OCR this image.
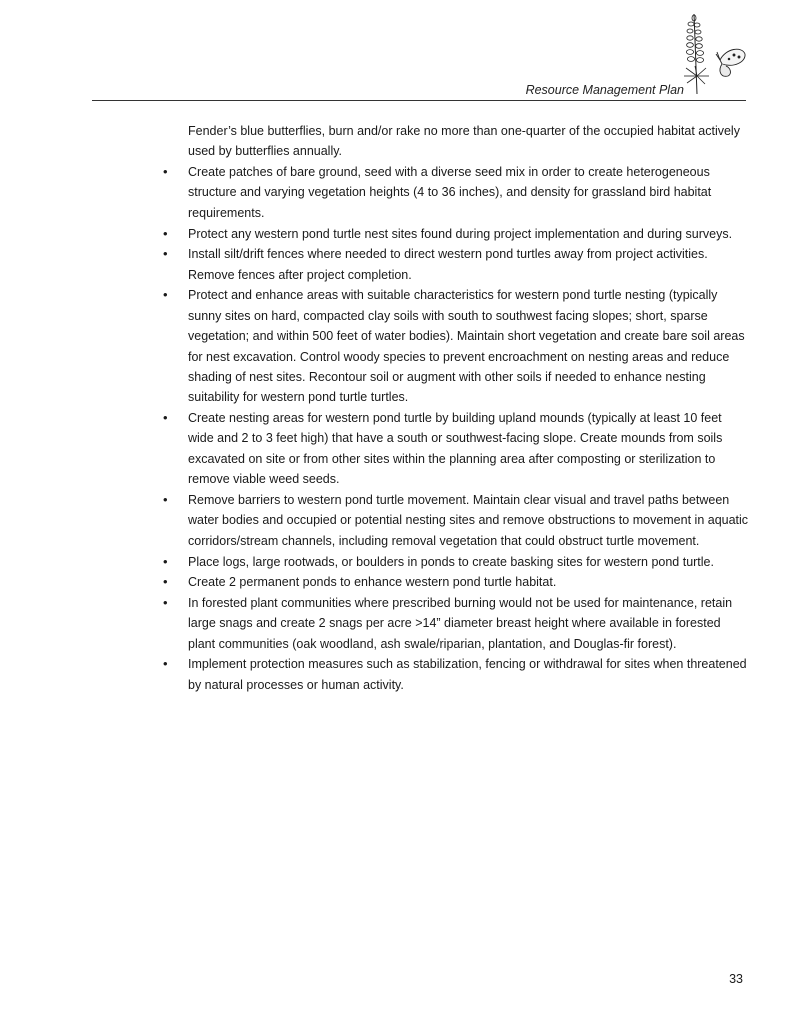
Resource Management Plan

Fender’s blue butterflies, burn and/or rake no more than one-quarter of the occupied habitat actively used by butterflies annually.

• Create patches of bare ground, seed with a diverse seed mix in order to create heterogeneous structure and varying vegetation heights (4 to 36 inches), and density for grassland bird habitat requirements.
• Protect any western pond turtle nest sites found during project implementation and during surveys.
• Install silt/drift fences where needed to direct western pond turtles away from project activities. Remove fences after project completion.
• Protect and enhance areas with suitable characteristics for western pond turtle nesting (typically sunny sites on hard, compacted clay soils with south to southwest facing slopes; short, sparse vegetation; and within 500 feet of water bodies). Maintain short vegetation and create bare soil areas for nest excavation. Control woody species to prevent encroachment on nesting areas and reduce shading of nest sites. Recontour soil or augment with other soils if needed to enhance nesting suitability for western pond turtle turtles.
• Create nesting areas for western pond turtle by building upland mounds (typically at least 10 feet wide and 2 to 3 feet high) that have a south or southwest-facing slope. Create mounds from soils excavated on site or from other sites within the planning area after composting or sterilization to remove viable weed seeds.
• Remove barriers to western pond turtle movement. Maintain clear visual and travel paths between water bodies and occupied or potential nesting sites and remove obstructions to movement in aquatic corridors/stream channels, including removal vegetation that could obstruct turtle movement.
• Place logs, large rootwads, or boulders in ponds to create basking sites for western pond turtle.
• Create 2 permanent ponds to enhance western pond turtle habitat.
• In forested plant communities where prescribed burning would not be used for maintenance, retain large snags and create 2 snags per acre >14” diameter breast height where available in forested plant communities (oak woodland, ash swale/riparian, plantation, and Douglas-fir forest).
• Implement protection measures such as stabilization, fencing or withdrawal for sites when threatened by natural processes or human activity.
33
